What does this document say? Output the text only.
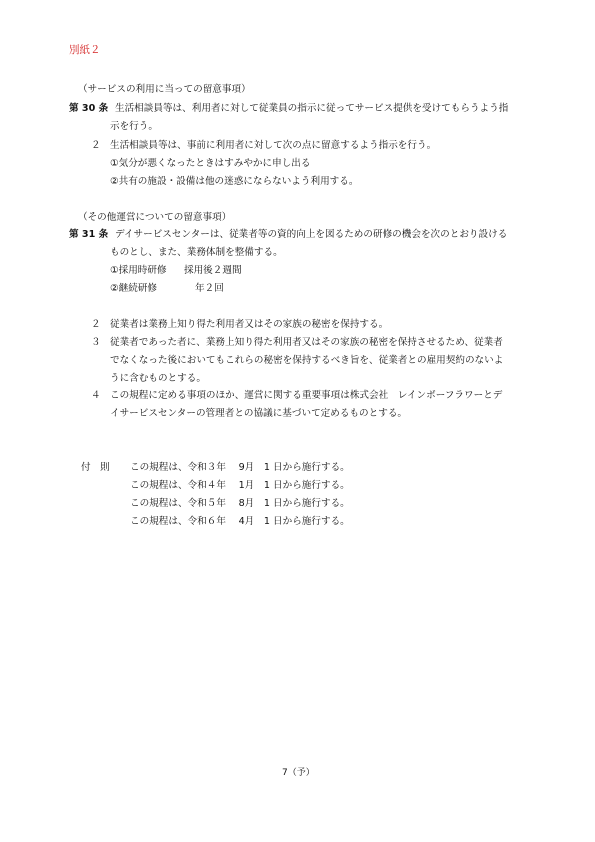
別紙２
（サービスの利用に当っての留意事項）
第 30 条 生活相談員等は、利用者に対して従業員の指示に従ってサービス提供を受けてもらうよう指
示を行う。
２ 生活相談員等は、事前に利用者に対して次の点に留意するよう指示を行う。
①気分が悪くなったときはすみやかに申し出る
②共有の施設・設備は他の迷惑にならないよう利用する。
（その他運営についての留意事項）
第 31 条 デイサービスセンターは、従業者等の資的向上を図るための研修の機会を次のとおり設ける
ものとし、また、業務体制を整備する。
①採用時研修 採用後２週間
②継続研修	年２回
２ 従業者は業務上知り得た利用者又はその家族の秘密を保持する。
３ 従業者であった者に、業務上知り得た利用者又はその家族の秘密を保持させるため、従業者
でなくなった後においてもこれらの秘密を保持するべき旨を、従業者との雇用契約のないよ
うに含むものとする。
４ この規程に定める事項のほか、運営に関する重要事項は株式会社　レインボーフラワーとデ
イサービスセンターの管理者との協議に基づいて定めるものとする。
付　則 この規程は、令和３年　 9月　1 日から施行する。
この規程は、令和４年　 1月　1 日から施行する。
この規程は、令和５年　 8月　1 日から施行する。
この規程は、令和６年　 4月　1 日から施行する。
7（予）
